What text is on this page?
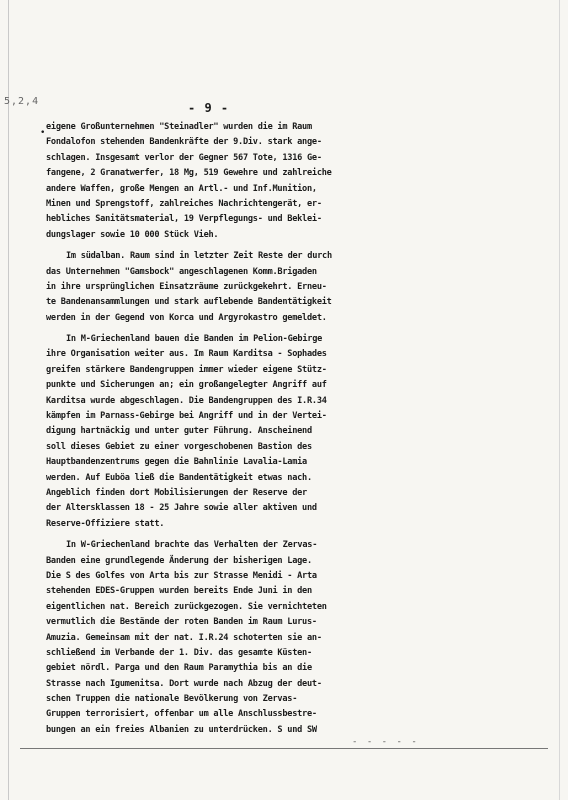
5,2,4	- 9 -
•
eigene Großunternehmen "Steinadler" wurden die im Raum
Fondalofon stehenden Bandenkräfte der 9.Div. stark ange-
schlagen. Insgesamt verlor der Gegner 567 Tote, 1316 Ge-
fangene, 2 Granatwerfer, 18 Mg, 519 Gewehre und zahlreiche
andere Waffen, große Mengen an Artl.- und Inf.Munition,
Minen und Sprengstoff, zahlreiches Nachrichtengerät, er-
hebliches Sanitätsmaterial, 19 Verpflegungs- und Beklei-
dungslager sowie 10 000 Stück Vieh.
Im südalban. Raum sind in letzter Zeit Reste der durch
das Unternehmen "Gamsbock" angeschlagenen Komm.Brigaden
in ihre ursprünglichen Einsatzräume zurückgekehrt. Erneu-
te Bandenansammlungen und stark auflebende Bandentätigkeit
werden in der Gegend von Korca und Argyrokastro gemeldet.
In M-Griechenland bauen die Banden im Pelion-Gebirge
ihre Organisation weiter aus. Im Raum Karditsa - Sophades
greifen stärkere Bandengruppen immer wieder eigene Stütz-
punkte und Sicherungen an; ein großangelegter Angriff auf
Karditsa wurde abgeschlagen. Die Bandengruppen des I.R.34
kämpfen im Parnass-Gebirge bei Angriff und in der Vertei-
digung hartnäckig und unter guter Führung. Anscheinend
soll dieses Gebiet zu einer vorgeschobenen Bastion des
Hauptbandenzentrums gegen die Bahnlinie Lavalia-Lamia
werden. Auf Euböa ließ die Bandentätigkeit etwas nach.
Angeblich finden dort Mobilisierungen der Reserve der
der Altersklassen 18 - 25 Jahre sowie aller aktiven und
Reserve-Offiziere statt.
In W-Griechenland brachte das Verhalten der Zervas-
Banden eine grundlegende Änderung der bisherigen Lage.
Die S des Golfes von Arta bis zur Strasse Menidi - Arta
stehenden EDES-Gruppen wurden bereits Ende Juni in den
eigentlichen nat. Bereich zurückgezogen. Sie vernichteten
vermutlich die Bestände der roten Banden im Raum Lurus-
Amuzia. Gemeinsam mit der nat. I.R.24 schoterten sie an-
schließend im Verbande der 1. Div. das gesamte Küsten-
gebiet nördl. Parga und den Raum Paramythia bis an die
Strasse nach Igumenitsa. Dort wurde nach Abzug der deut-
schen Truppen die nationale Bevölkerung von Zervas-
Gruppen terrorisiert, offenbar um alle Anschlussbestre-
bungen an ein freies Albanien zu unterdrücken. S und SW
- - - - -
